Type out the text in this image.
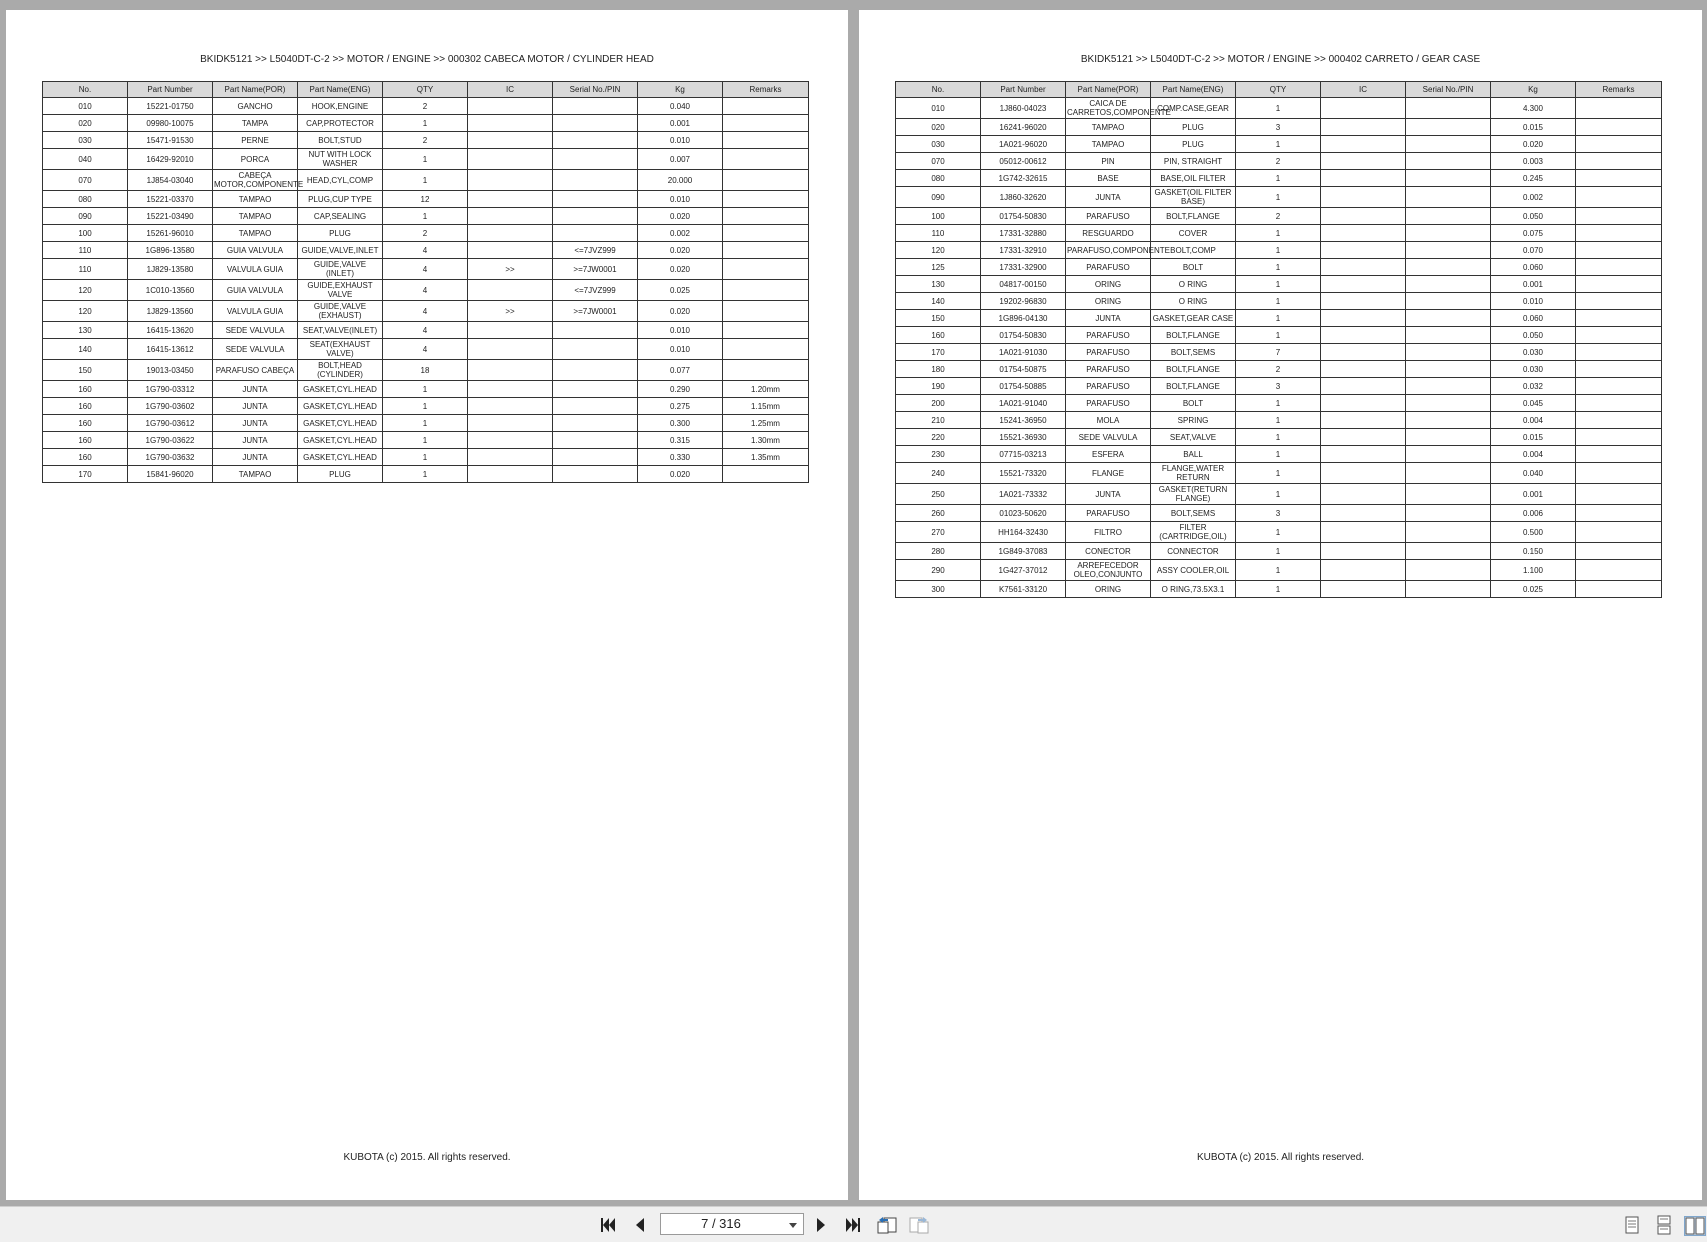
BKIDK5121 >> L5040DT-C-2 >> MOTOR / ENGINE >> 000302 CABECA MOTOR / CYLINDER HEAD
No.	Part Number	Part Name(POR)	Part Name(ENG)	QTY	IC	Serial No./PIN	Kg	Remarks
010	15221-01750	GANCHO	HOOK,ENGINE	2			0.040	
020	09980-10075	TAMPA	CAP,PROTECTOR	1			0.001	
030	15471-91530	PERNE	BOLT,STUD	2			0.010	
040	16429-92010	PORCA	NUT WITH LOCK WASHER	1			0.007	
070	1J854-03040	CABEÇA MOTOR,COMPONENTE	HEAD,CYL,COMP	1			20.000	
080	15221-03370	TAMPAO	PLUG,CUP TYPE	12			0.010	
090	15221-03490	TAMPAO	CAP,SEALING	1			0.020	
100	15261-96010	TAMPAO	PLUG	2			0.002	
110	1G896-13580	GUIA VALVULA	GUIDE,VALVE,INLET	4		<=7JVZ999	0.020	
110	1J829-13580	VALVULA GUIA	GUIDE,VALVE (INLET)	4	>>	>=7JW0001	0.020	
120	1C010-13560	GUIA VALVULA	GUIDE,EXHAUST VALVE	4		<=7JVZ999	0.025	
120	1J829-13560	VALVULA GUIA	GUIDE,VALVE (EXHAUST)	4	>>	>=7JW0001	0.020	
130	16415-13620	SEDE VALVULA	SEAT,VALVE(INLET)	4			0.010	
140	16415-13612	SEDE VALVULA	SEAT(EXHAUST VALVE)	4			0.010	
150	19013-03450	PARAFUSO CABEÇA	BOLT,HEAD (CYLINDER)	18			0.077	
160	1G790-03312	JUNTA	GASKET,CYL.HEAD	1			0.290	1.20mm
160	1G790-03602	JUNTA	GASKET,CYL.HEAD	1			0.275	1.15mm
160	1G790-03612	JUNTA	GASKET,CYL.HEAD	1			0.300	1.25mm
160	1G790-03622	JUNTA	GASKET,CYL.HEAD	1			0.315	1.30mm
160	1G790-03632	JUNTA	GASKET,CYL.HEAD	1			0.330	1.35mm
170	15841-96020	TAMPAO	PLUG	1			0.020	
KUBOTA (c) 2015. All rights reserved.
BKIDK5121 >> L5040DT-C-2 >> MOTOR / ENGINE >> 000402 CARRETO / GEAR CASE
No.	Part Number	Part Name(POR)	Part Name(ENG)	QTY	IC	Serial No./PIN	Kg	Remarks
010	1J860-04023	CAICA DE CARRETOS,COMPONENTE	COMP.CASE,GEAR	1			4.300	
020	16241-96020	TAMPAO	PLUG	3			0.015	
030	1A021-96020	TAMPAO	PLUG	1			0.020	
070	05012-00612	PIN	PIN, STRAIGHT	2			0.003	
080	1G742-32615	BASE	BASE,OIL FILTER	1			0.245	
090	1J860-32620	JUNTA	GASKET(OIL FILTER BASE)	1			0.002	
100	01754-50830	PARAFUSO	BOLT,FLANGE	2			0.050	
110	17331-32880	RESGUARDO	COVER	1			0.075	
120	17331-32910	PARAFUSO,COMPONENTE	BOLT,COMP	1			0.070	
125	17331-32900	PARAFUSO	BOLT	1			0.060	
130	04817-00150	ORING	O RING	1			0.001	
140	19202-96830	ORING	O RING	1			0.010	
150	1G896-04130	JUNTA	GASKET,GEAR CASE	1			0.060	
160	01754-50830	PARAFUSO	BOLT,FLANGE	1			0.050	
170	1A021-91030	PARAFUSO	BOLT,SEMS	7			0.030	
180	01754-50875	PARAFUSO	BOLT,FLANGE	2			0.030	
190	01754-50885	PARAFUSO	BOLT,FLANGE	3			0.032	
200	1A021-91040	PARAFUSO	BOLT	1			0.045	
210	15241-36950	MOLA	SPRING	1			0.004	
220	15521-36930	SEDE VALVULA	SEAT,VALVE	1			0.015	
230	07715-03213	ESFERA	BALL	1			0.004	
240	15521-73320	FLANGE	FLANGE,WATER RETURN	1			0.040	
250	1A021-73332	JUNTA	GASKET(RETURN FLANGE)	1			0.001	
260	01023-50620	PARAFUSO	BOLT,SEMS	3			0.006	
270	HH164-32430	FILTRO	FILTER (CARTRIDGE,OIL)	1			0.500	
280	1G849-37083	CONECTOR	CONNECTOR	1			0.150	
290	1G427-37012	ARREFECEDOR OLEO,CONJUNTO	ASSY COOLER,OIL	1			1.100	
300	K7561-33120	ORING	O RING,73.5X3.1	1			0.025	
KUBOTA (c) 2015. All rights reserved.
7 / 316
